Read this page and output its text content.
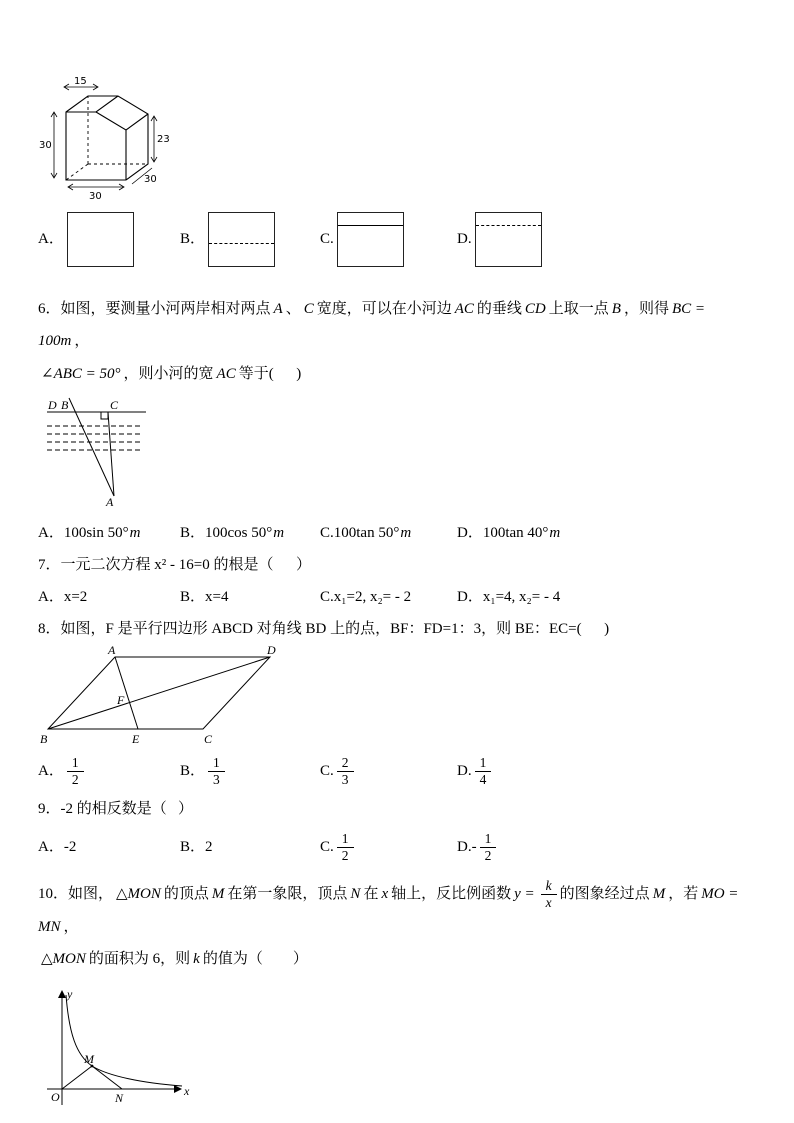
15
23
30
30
30
A．	B．	C.	D.

6．如图，要测量小河两岸相对两点 A 、 C 宽度，可以在小河边 AC 的垂线 CD 上取一点 B ，则得 BC = 100m ，

∠ABC = 50° ，则小河的宽 AC 等于(      )

D B	C
A
A． 100sin 50° m	B． 100cos 50° m C. 100tan 50° m	D． 100tan 40° m

7．一元二次方程 x² - 16=0 的根是（      ）

A． x=2	B． x=4	C. x₁=2, x₂= - 2	D． x₁=4, x₂= - 4

8．如图，F 是平行四边形 ABCD 对角线 BD 上的点，BF：FD=1：3，则 BE：EC=(      )

A	D
B	E	C
F
A． $\frac{1}{2}$	B． $\frac{1}{3}$	C. $\frac{2}{3}$	D. $\frac{1}{4}$

9．-2 的相反数是（   ）

A． -2	B． 2	C. $\frac{1}{2}$	D. - $\frac{1}{2}$

10．如图， △MON 的顶点 M 在第一象限，顶点 N 在 x 轴上，反比例函数 $y = \frac{k}{x}$ 的图象经过点 M ，若 MO = MN ，

△MON 的面积为 6，则 k 的值为（　　）

y
x
O
M
N
